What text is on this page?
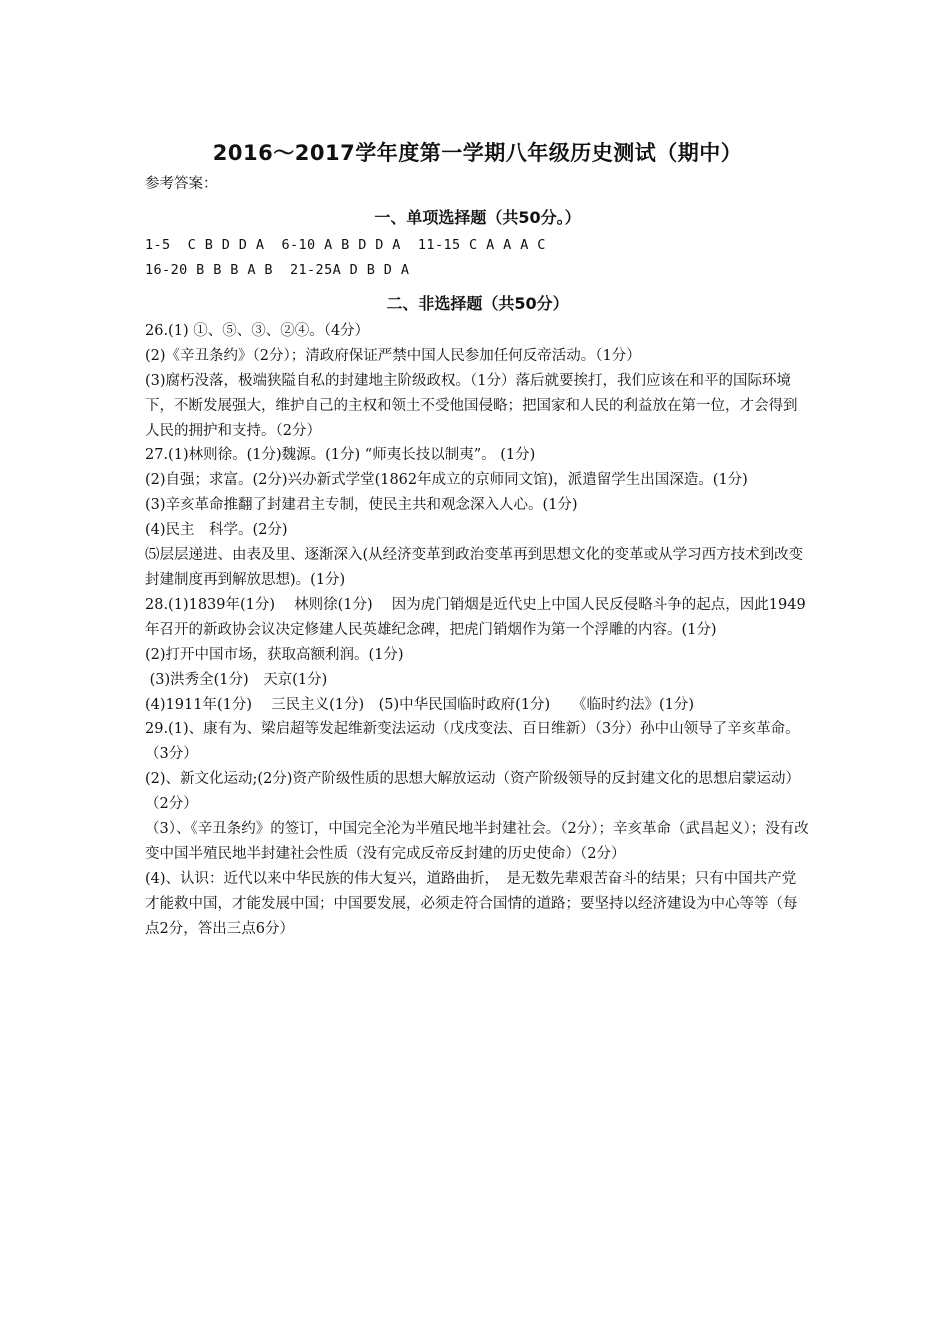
2016～2017学年度第一学期八年级历史测试（期中）
参考答案：
一、单项选择题（共50分。）
1-5  C B D D A  6-10 A B D D A  11-15 C A A A C
16-20 B B B A B  21-25A D B D A
二、非选择题（共50分）
26.(1) ①、⑤、③、②④。（4分）
(2)《辛丑条约》（2分）；清政府保证严禁中国人民参加任何反帝活动。（1分）
(3)腐朽没落，极端狭隘自私的封建地主阶级政权。（1分）落后就要挨打，我们应该在和平的国际环境下，不断发展强大，维护自己的主权和领土不受他国侵略；把国家和人民的利益放在第一位，才会得到人民的拥护和支持。（2分）
27.(1)林则徐。(1分)魏源。(1分) “师夷长技以制夷”。 (1分)
(2)自强；求富。(2分)兴办新式学堂(1862年成立的京师同文馆)，派遣留学生出国深造。(1分)
(3)辛亥革命推翻了封建君主专制，使民主共和观念深入人心。(1分)
(4)民主　科学。(2分)
⑸层层递进、由表及里、逐渐深入(从经济变革到政治变革再到思想文化的变革或从学习西方技术到改变封建制度再到解放思想)。(1分)
28.(1)1839年(1分)　 林则徐(1分)　 因为虎门销烟是近代史上中国人民反侵略斗争的起点，因此1949年召开的新政协会议决定修建人民英雄纪念碑，把虎门销烟作为第一个浮雕的内容。(1分)
(2)打开中国市场，获取高额利润。(1分)
(3)洪秀全(1分)　天京(1分)
(4)1911年(1分)　 三民主义(1分)　(5)中华民国临时政府(1分)　　《临时约法》(1分)
29.(1)、康有为、梁启超等发起维新变法运动（戊戌变法、百日维新）（3分）孙中山领导了辛亥革命。（3分）
(2)、新文化运动;(2分)资产阶级性质的思想大解放运动（资产阶级领导的反封建文化的思想启蒙运动）（2分）
（3）、《辛丑条约》的签订，中国完全沦为半殖民地半封建社会。（2分）；辛亥革命（武昌起义）；没有改变中国半殖民地半封建社会性质（没有完成反帝反封建的历史使命）（2分）
(4)、认识：近代以来中华民族的伟大复兴，道路曲折，　是无数先辈艰苦奋斗的结果；只有中国共产党才能救中国，才能发展中国；中国要发展，必须走符合国情的道路；要坚持以经济建设为中心等等（每点2分，答出三点6分）
